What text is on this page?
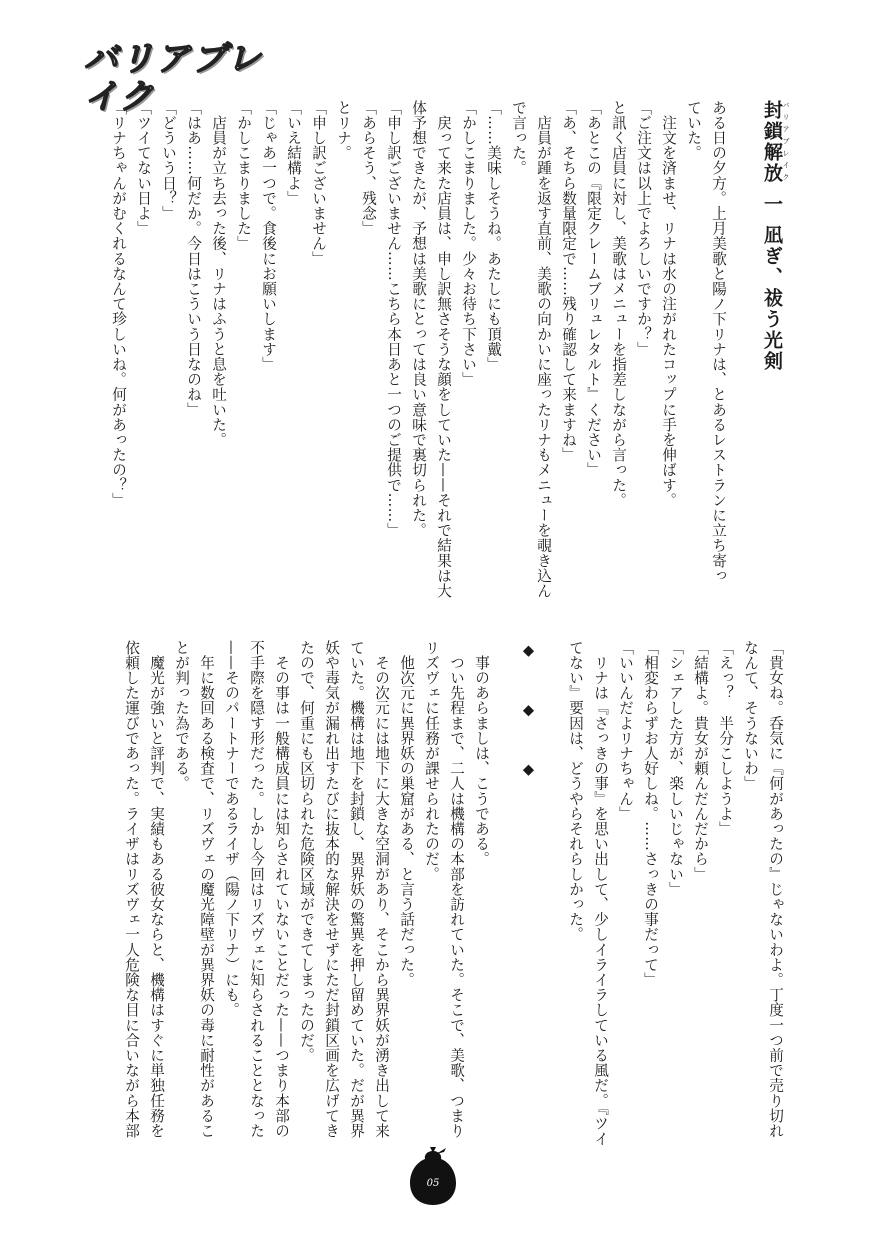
バリアブレイク

封鎖解放 バリアブレイク一凪ぎ、祓う光剣

ある日の夕方。上月美歌と陽ノ下リナは、とあるレストランに立ち寄っ

ていた。

　注文を済ませ、リナは水の注がれたコップに手を伸ばす。

「ご注文は以上でよろしいですか？」

と訊く店員に対し、美歌はメニューを指差しながら言った。

「あとこの『限定クレームブリュレタルト』ください」

「あ、そちら数量限定で……残り確認して来ますね」

　店員が踵を返す直前、美歌の向かいに座ったリナもメニューを覗き込ん

で言った。

「……美味しそうね。あたしにも頂戴」

「かしこまりました。少々お待ち下さい」

　戻って来た店員は、申し訳無さそうな顔をしていた——それで結果は大

体予想できたが、予想は美歌にとっては良い意味で裏切られた。

「申し訳ございません……こちら本日あと一つのご提供で……」

「あらそう、残念」

とリナ。

「申し訳ございません」

「いえ結構よ」

「じゃあ一つで。食後にお願いします」

「かしこまりました」

　店員が立ち去った後、リナはふうと息を吐いた。

「はあ……何だか。今日はこういう日なのね」

「どういう日？」

「ツイてない日よ」

「リナちゃんがむくれるなんて珍しいね。何があったの？」

「貴女ね。呑気に『何があったの』じゃないわよ。丁度一つ前で売り切れ

なんて、そうないわ」

「えっ？　半分こしようよ」

「結構よ。貴女が頼んだんだから」

「シェアした方が、楽しいじゃない」

「相変わらずお人好しね。……さっきの事だって」

「いいんだよリナちゃん」

　リナは『さっきの事』を思い出して、少しイライラしている風だ。『ツイ

てない』要因は、どうやらそれらしかった。

◆　◆　◆

　事のあらましは、こうである。

　つい先程まで、二人は機構の本部を訪れていた。そこで、美歌、つまり

リズヴェに任務が課せられたのだ。

　他次元に異界妖の巣窟がある、と言う話だった。

　その次元には地下に大きな空洞があり、そこから異界妖が湧き出して来

ていた。機構は地下を封鎖し、異界妖の驚異を押し留めていた。だが異界

妖や毒気が漏れ出すたびに抜本的な解決をせずにただ封鎖区画を広げてき

たので、何重にも区切られた危険区域ができてしまったのだ。

　その事は一般構成員には知らされていないことだった——つまり本部の

不手際を隠す形だった。しかし今回はリズヴェに知らされることとなった

——そのパートナーであるライザ（陽ノ下リナ）にも。

　年に数回ある検査で、リズヴェの魔光障壁が異界妖の毒に耐性があるこ

とが判った為である。

　魔光が強いと評判で、実績もある彼女ならと、機構はすぐに単独任務を

依頼した運びであった。ライザはリズヴェ一人危険な目に合いながら本部

05
